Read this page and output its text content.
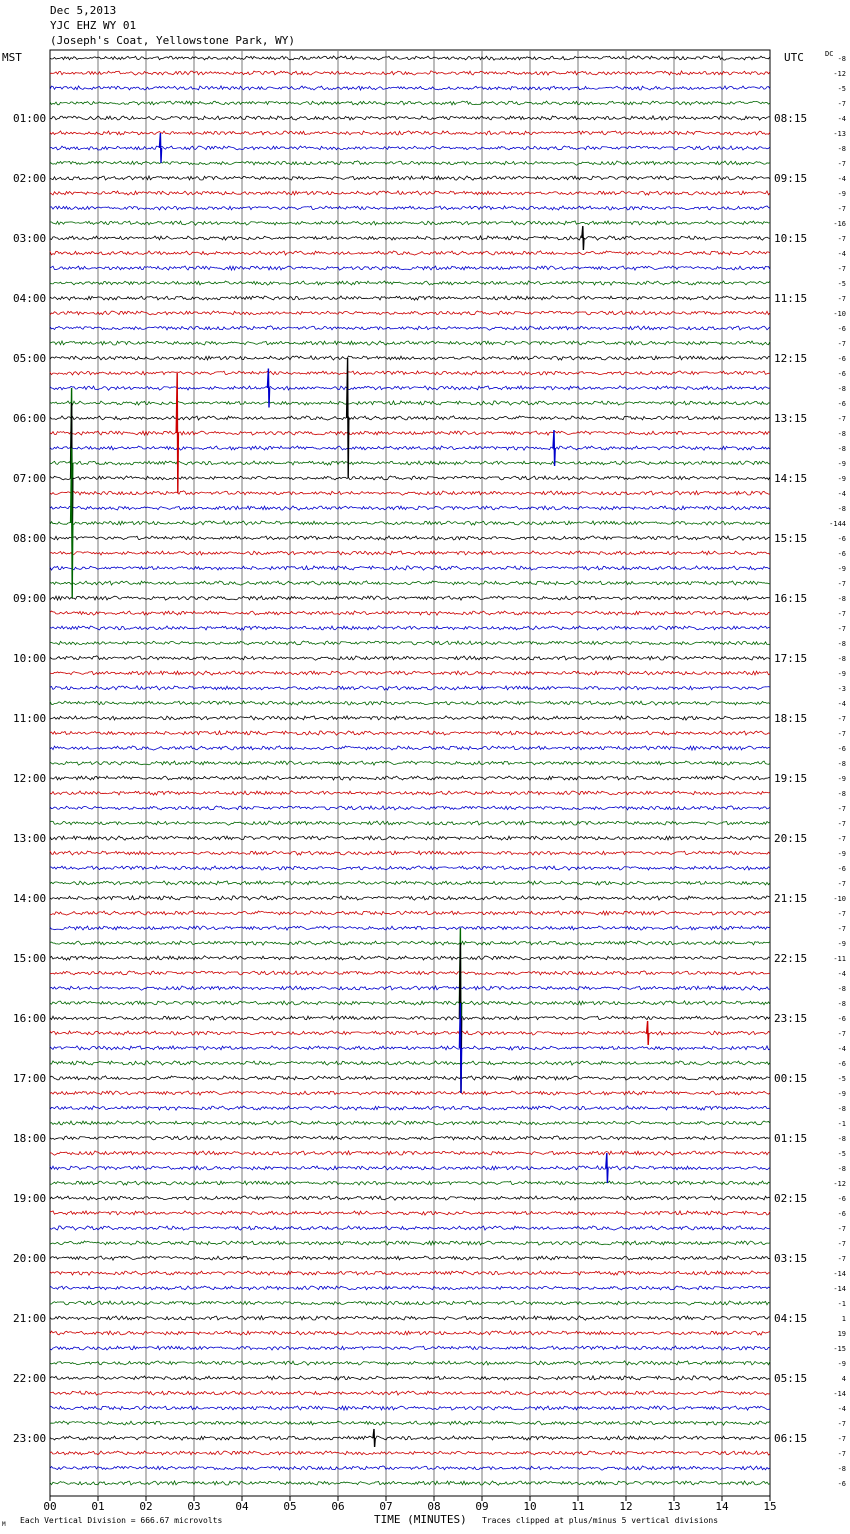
Dec 5,2013
YJC EHZ WY 01
(Joseph's Coat, Yellowstone Park, WY)
01:00
02:00
03:00
04:00
05:00
06:00
07:00
08:00
09:00
10:00
11:00
12:00
13:00
14:00
15:00
16:00
17:00
18:00
19:00
20:00
21:00
22:00
23:00
08:15
09:15
10:15
11:15
12:15
13:15
14:15
15:15
16:15
17:15
18:15
19:15
20:15
21:15
22:15
23:15
00:15
01:15
02:15
03:15
04:15
05:15
06:15
-8
-12
-5
-7
-4
-13
-8
-7
-4
-9
-7
-16
-7
-4
-7
-5
-7
-10
-6
-7
-6
-6
-8
-6
-7
-8
-8
-9
-9
-4
-8
-144
-6
-6
-9
-7
-8
-7
-7
-8
-8
-9
-3
-4
-7
-7
-6
-8
-9
-8
-7
-7
-7
-9
-6
-7
-10
-7
-7
-9
-11
-4
-8
-8
-6
-7
-4
-6
-5
-9
-8
-1
-8
-5
-8
-12
-6
-6
-7
-7
-7
-14
-14
-1
1
19
-15
-9
4
-14
-4
-7
-7
-7
-8
-6
00	01	02	03	04	05	06	07	08	09	10	11	12	13	14	15
MST	UTC	DC
TIME (MINUTES)
Each Vertical Division = 666.67 microvolts	Traces clipped at plus/minus 5 vertical divisions
M
